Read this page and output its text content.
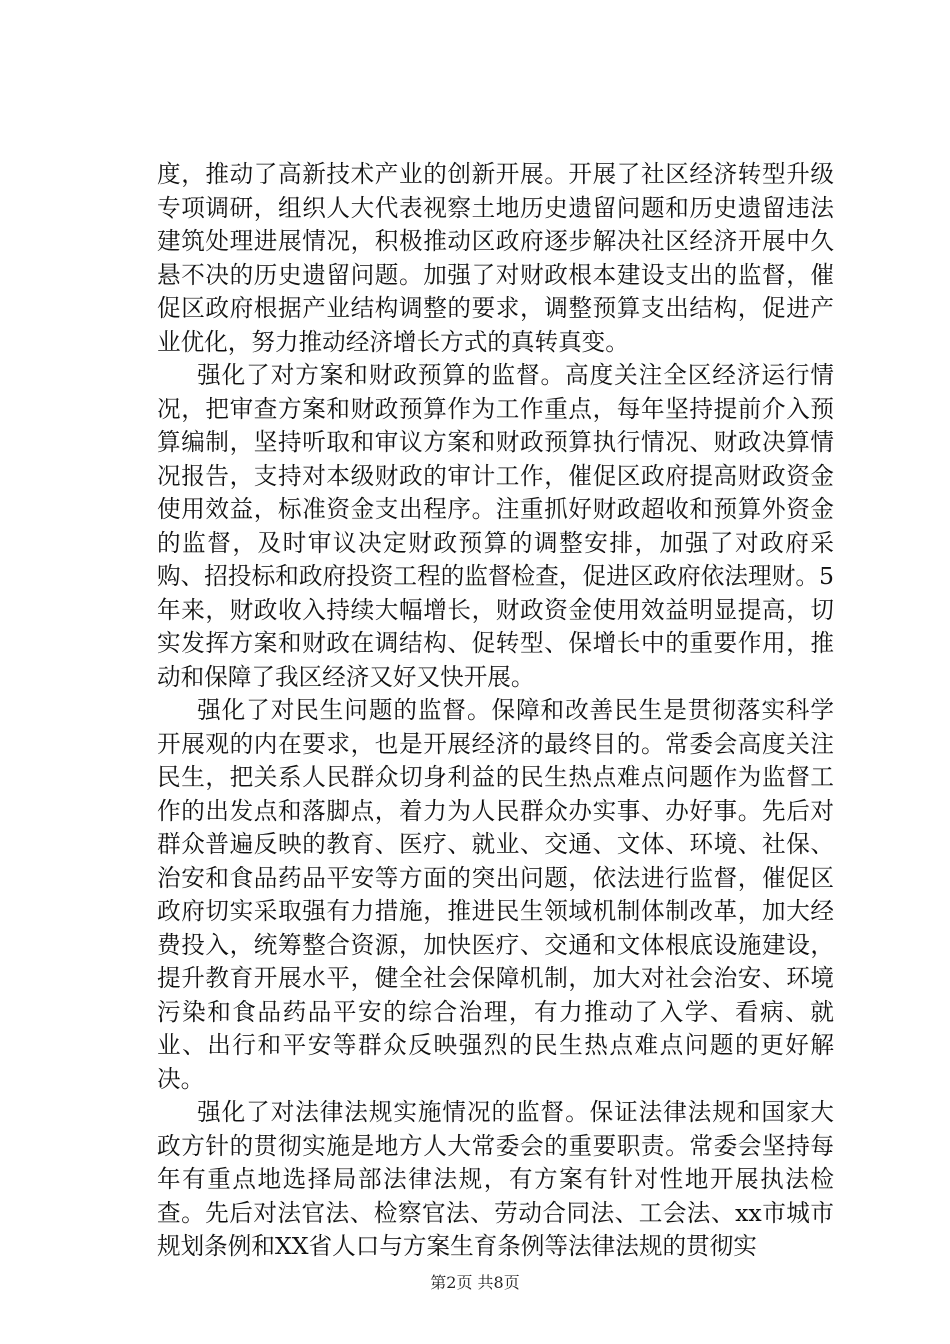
度，推动了高新技术产业的创新开展。开展了社区经济转型升级专项调研，组织人大代表视察土地历史遗留问题和历史遗留违法建筑处理进展情况，积极推动区政府逐步解决社区经济开展中久悬不决的历史遗留问题。加强了对财政根本建设支出的监督，催促区政府根据产业结构调整的要求，调整预算支出结构，促进产业优化，努力推动经济增长方式的真转真变。

强化了对方案和财政预算的监督。高度关注全区经济运行情况，把审查方案和财政预算作为工作重点，每年坚持提前介入预算编制，坚持听取和审议方案和财政预算执行情况、财政决算情况报告，支持对本级财政的审计工作，催促区政府提高财政资金使用效益，标准资金支出程序。注重抓好财政超收和预算外资金的监督，及时审议决定财政预算的调整安排，加强了对政府采购、招投标和政府投资工程的监督检查，促进区政府依法理财。5年来，财政收入持续大幅增长，财政资金使用效益明显提高，切实发挥方案和财政在调结构、促转型、保增长中的重要作用，推动和保障了我区经济又好又快开展。

强化了对民生问题的监督。保障和改善民生是贯彻落实科学开展观的内在要求，也是开展经济的最终目的。常委会高度关注民生，把关系人民群众切身利益的民生热点难点问题作为监督工作的出发点和落脚点，着力为人民群众办实事、办好事。先后对群众普遍反映的教育、医疗、就业、交通、文体、环境、社保、治安和食品药品平安等方面的突出问题，依法进行监督，催促区政府切实采取强有力措施，推进民生领域机制体制改革，加大经费投入，统筹整合资源，加快医疗、交通和文体根底设施建设，提升教育开展水平，健全社会保障机制，加大对社会治安、环境污染和食品药品平安的综合治理，有力推动了入学、看病、就业、出行和平安等群众反映强烈的民生热点难点问题的更好解决。

强化了对法律法规实施情况的监督。保证法律法规和国家大政方针的贯彻实施是地方人大常委会的重要职责。常委会坚持每年有重点地选择局部法律法规，有方案有针对性地开展执法检查。先后对法官法、检察官法、劳动合同法、工会法、xx市城市规划条例和XX省人口与方案生育条例等法律法规的贯彻实

第2页 共8页
